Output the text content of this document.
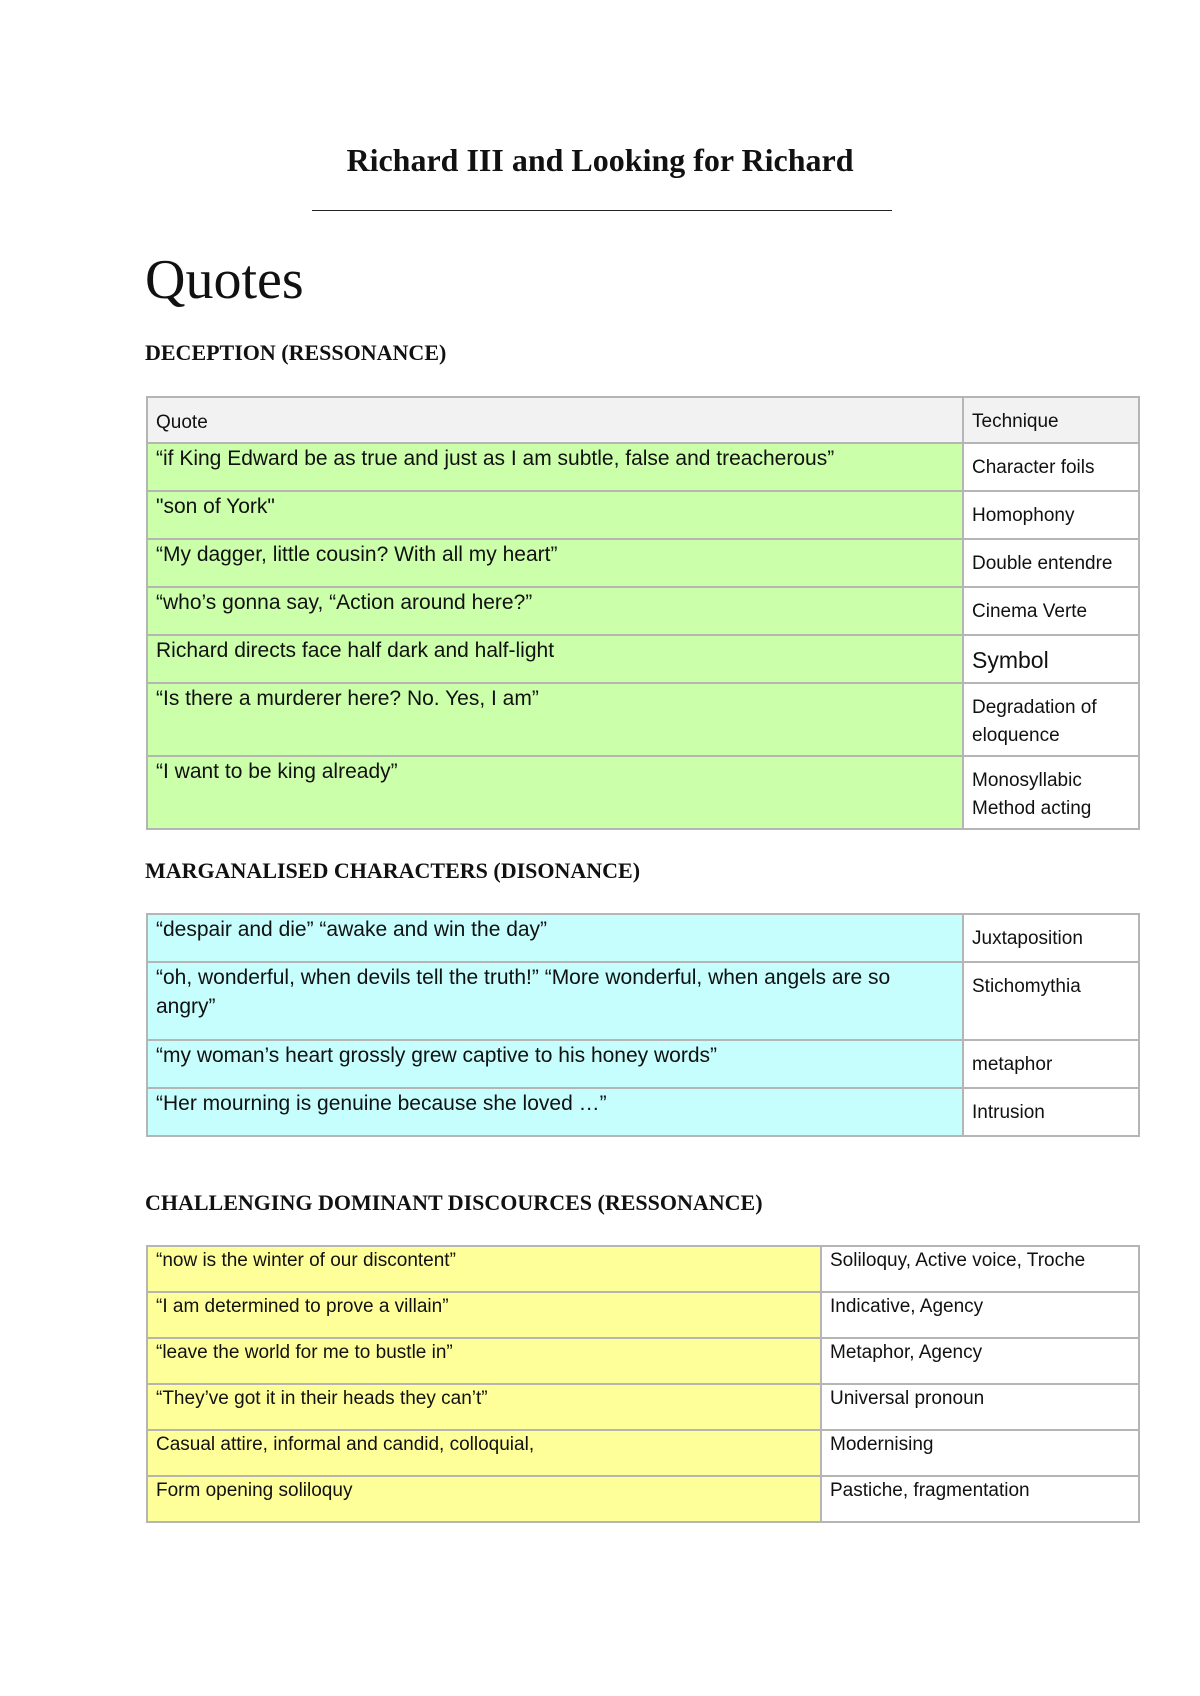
Richard III and Looking for Richard
Quotes
DECEPTION (RESSONANCE)
Quote	Technique
“if King Edward be as true and just as I am subtle, false and treacherous”	Character foils
"son of York"	Homophony
“My dagger, little cousin? With all my heart”	Double entendre
“who’s gonna say, “Action around here?”	Cinema Verte
Richard directs face half dark and half-light	Symbol
“Is there a murderer here? No. Yes, I am”	Degradation of eloquence
“I want to be king already”	Monosyllabic Method acting
MARGANALISED CHARACTERS (DISONANCE)
“despair and die” “awake and win the day”	Juxtaposition
“oh, wonderful, when devils tell the truth!” “More wonderful, when angels are so angry”	Stichomythia
“my woman’s heart grossly grew captive to his honey words”	metaphor
“Her mourning is genuine because she loved …”	Intrusion
CHALLENGING DOMINANT DISCOURCES (RESSONANCE)
“now is the winter of our discontent”	Soliloquy, Active voice, Troche
“I am determined to prove a villain”	Indicative, Agency
“leave the world for me to bustle in”	Metaphor, Agency
“They’ve got it in their heads they can’t”	Universal pronoun
Casual attire, informal and candid, colloquial,	Modernising
Form opening soliloquy	Pastiche, fragmentation
